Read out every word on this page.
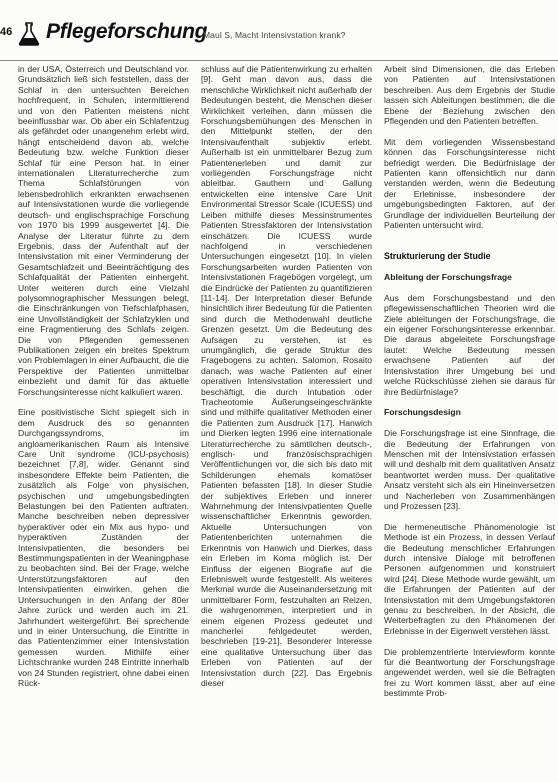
46 Pflegeforschung
Maul S, Macht Intensivstation krank?

in der USA, Österreich und Deutschland vor. Grundsätzlich ließ sich feststellen, dass der Schlaf in den untersuchten Bereichen hochfrequent, in Schulen, intermittierend und von den Patienten meistens nicht beeinflussbar war. Ob aber ein Schlafentzug als gefährdet oder unangenehm erlebt wird, hängt entscheidend davon ab, welche Bedeutung bzw. welche Funktion dieser Schlaf für eine Person hat. In einer internationalen Literaturrecherche zum Thema Schlafstörungen von lebensbedrohlich erkrankten erwachsenen auf Intensivstationen wurde die vorliegende deutsch- und englischsprachige Forschung von 1970 bis 1999 ausgewertet [4]. Die Analyse der Literatur führte zu dem Ergebnis, dass der Aufenthalt auf der Intensivstation mit einer Verminderung der Gesamtschlafzeit und Beeinträchtigung des Schlafqualität der Patienten einhergeht. Unter weiteren durch eine Vielzahl polysomnographischer Messungen belegt, die Einschränkungen von Tiefschlafphasen, eine Unvollständigkeit der Schlafzyklen und eine Fragmentierung des Schlafs zeigen. Die von Pflegenden gemessenen Publikationen zeigen ein breites Spektrum von Problemlagen in einer Aufbaucht, die die Perspektive der Patienten unmittelbar einbezieht und damit für das aktuelle Forschungsinteresse nicht kalkuliert waren.

Eine positivistische Sicht spiegelt sich in dem Ausdruck des so genannten Durchgangssyndroms, im angloamerikanischen Raum als Intensive Care Unit syndrome (ICU-psychosis) bezeichnet [7,8], wider. Genannt sind insbesondere Effekte beim Patienten, die zusätzlich als Folge von physischen, psychischen und umgebungsbedingten Belastungen bei den Patienten auftraten. Manche beschreiben neben depressiver hyperaktiver oder ein Mix aus hypo- und hyperaktiven Zuständen der Intensivpatienten, die besonders bei Bestimmungspatienten in der Weaningphase zu beobachten sind. Bei der Frage, welche Unterstützungsfaktoren auf den Intensivpatienten einwirken, gehen die Untersuchungen in den Anfang der 80er Jahre zurück und werden auch im 21. Jahrhundert weitergeführt. Bei sprechende und in einer Untersuchung, die Eintritte in das Patientenzimmer einer Intensivstation gemessen wurden. Mithilfe einer Lichtschranke wurden 248 Eintritte innerhalb von 24 Stunden registriert, ohne dabei einen Rück-

schluss auf die Patientenwirkung zu erhalten [9]. Geht man davon aus, dass die menschliche Wirklichkeit nicht außerhalb der Bedeutungen besteht, die Menschen dieser Wirklichkeit verleihen, dann müssen die Forschungsbemühungen des Menschen in den Mittelpunkt stellen, der den Intensivaufenthalt subjektiv erlebt. Außerhalb ist ein unmittelbarer Bezug zum Patientenerleben und damit zur vorliegenden Forschungsfrage nicht ableitbar. Gauthern und Gallung entwickelten eine intensive Care Unit Environmental Stressor Scale (ICUESS) und Leiben mithilfe dieses Messinstrumentes Patienten Stressfaktoren der Intensivstation einschätzen. Die ICUESS wurde nachfolgend in verschiedenen Untersuchungen eingesetzt [10]. In vielen Forschungsarbeiten wurden Patienten von Intensivstationen Fragebögen vorgelegt, um die Eindrücke der Patienten zu quantifizieren [11-14]. Der Interpretation dieser Befunde hinsichtlich ihrer Bedeutung für die Patienten sind durch die Methodenwahl deutliche Grenzen gesetzt. Um die Bedeutung des Aufsagen zu verstehen, ist es unumgänglich, die gerade Struktur des Fragebogens zu achten. Salomon, Rosaito danach, was wache Patienten auf einer operativen Intensivstation interessiert und beschäftigt, die durch Intubation oder Tracheotomie Äußerungseingeschränkte sind und mithilfe qualitativer Methoden einer die Patienten zum Ausdruck [17]. Hanwich und Dierken legten 1996 eine internationale Literaturrecherche zu sämtlichen deutsch-, englisch- und französischsprachigen Veröffentlichungen vor, die sich bis dato mit Schilderungen ehemals komatöser Patienten befassten [18]. In dieser Studie der subjektives Erleben und innerer Wahrnehmung der Intensivpatienten Quelle wissenschaftlicher Erkenntnis geworden. Aktuelle Untersuchungen von Patientenberichten unternahmen die Erkenntnis von Hanwich und Dierkes, dass ein Erleben im Koma möglich ist. Der Einfluss der eigenen Biografie auf die Erlebniswelt wurde festgestellt. Als weiteres Merkmal wurde die Auseinandersetzung mit unmittelbarer Form, festzuhalten an Reizen, die wahrgenommen, interpretiert und in einem eigenen Prozess gedeutet und mancherlei fehlgedeutet werden, beschrieben [19-21]. Besonderer Interesse eine qualitative Untersuchung über das Erleben von Patienten auf der Intensivstation durch [22]. Das Ergebnis dieser

Arbeit sind Dimensionen, die das Erleben von Patienten auf Intensivstationen beschreiben. Aus dem Ergebnis der Studie lassen sich Ableitungen bestimmen, die die Ebene der Beziehung zwischen den Pflegenden und den Patienten betreffen.

Mit dem vorliegenden Wissensbestand können das Forschungsinteresse nicht befriedigt werden. Die Bedürfnislage der Patienten kann offensichtlich nur dann verstanden werden, wenn die Bedeutung der Erlebnisse, insbesondere der umgebungsbedingten Faktoren, auf der Grundlage der individuellen Beurteilung der Patienten untersucht wird.

Strukturierung der Studie
Ableitung der Forschungsfrage

Aus dem Forschungsbestand und den pflegewissenschaftlichen Theorien wird die Ziele ableitungen der Forschungsfrage, die ein eigener Forschungsinteresse erkennbar. Die daraus abgeleitete Forschungsfrage lautet: Welche Bedeutung messen erwachsene Patienten auf der Intensivstation ihrer Umgebung bei und welche Rückschlüsse ziehen sie daraus für ihre Bedürfnislage?

Forschungsdesign

Die Forschungsfrage ist eine Sinnfrage, die die Bedeutung der Erfahrungen von Menschen mit der Intensivstation erfassen will und deshalb mit dem qualitativen Ansatz beantwortet werden muss. Der qualitative Ansatz versteht sich als ein Hineinversetzen und Nacherleben von Zusammenhängen und Prozessen [23].

Die hermeneutische Phänomenologie ist Methode ist ein Prozess, in dessen Verlauf die Bedeutung menschlicher Erfahrungen durch intensive Dialoge mit betroffenen Personen aufgenommen und konstruiert wird [24]. Diese Methode wurde gewählt, um die Erfahrungen der Patienten auf der Intensivstation mit dem Umgebungsfaktoren genau zu beschreiben. In der Absicht, die Weiterbefragten zu den Phänomenen der Erlebnisse in der Eigenwelt verstehen lässt.

Die problemzentrierte Interviewform konnte für die Beantwortung der Forschungsfrage angewendet werden, weil sie die Befragten frei zu Wort kommen lässt, aber auf eine bestimmte Prob-
